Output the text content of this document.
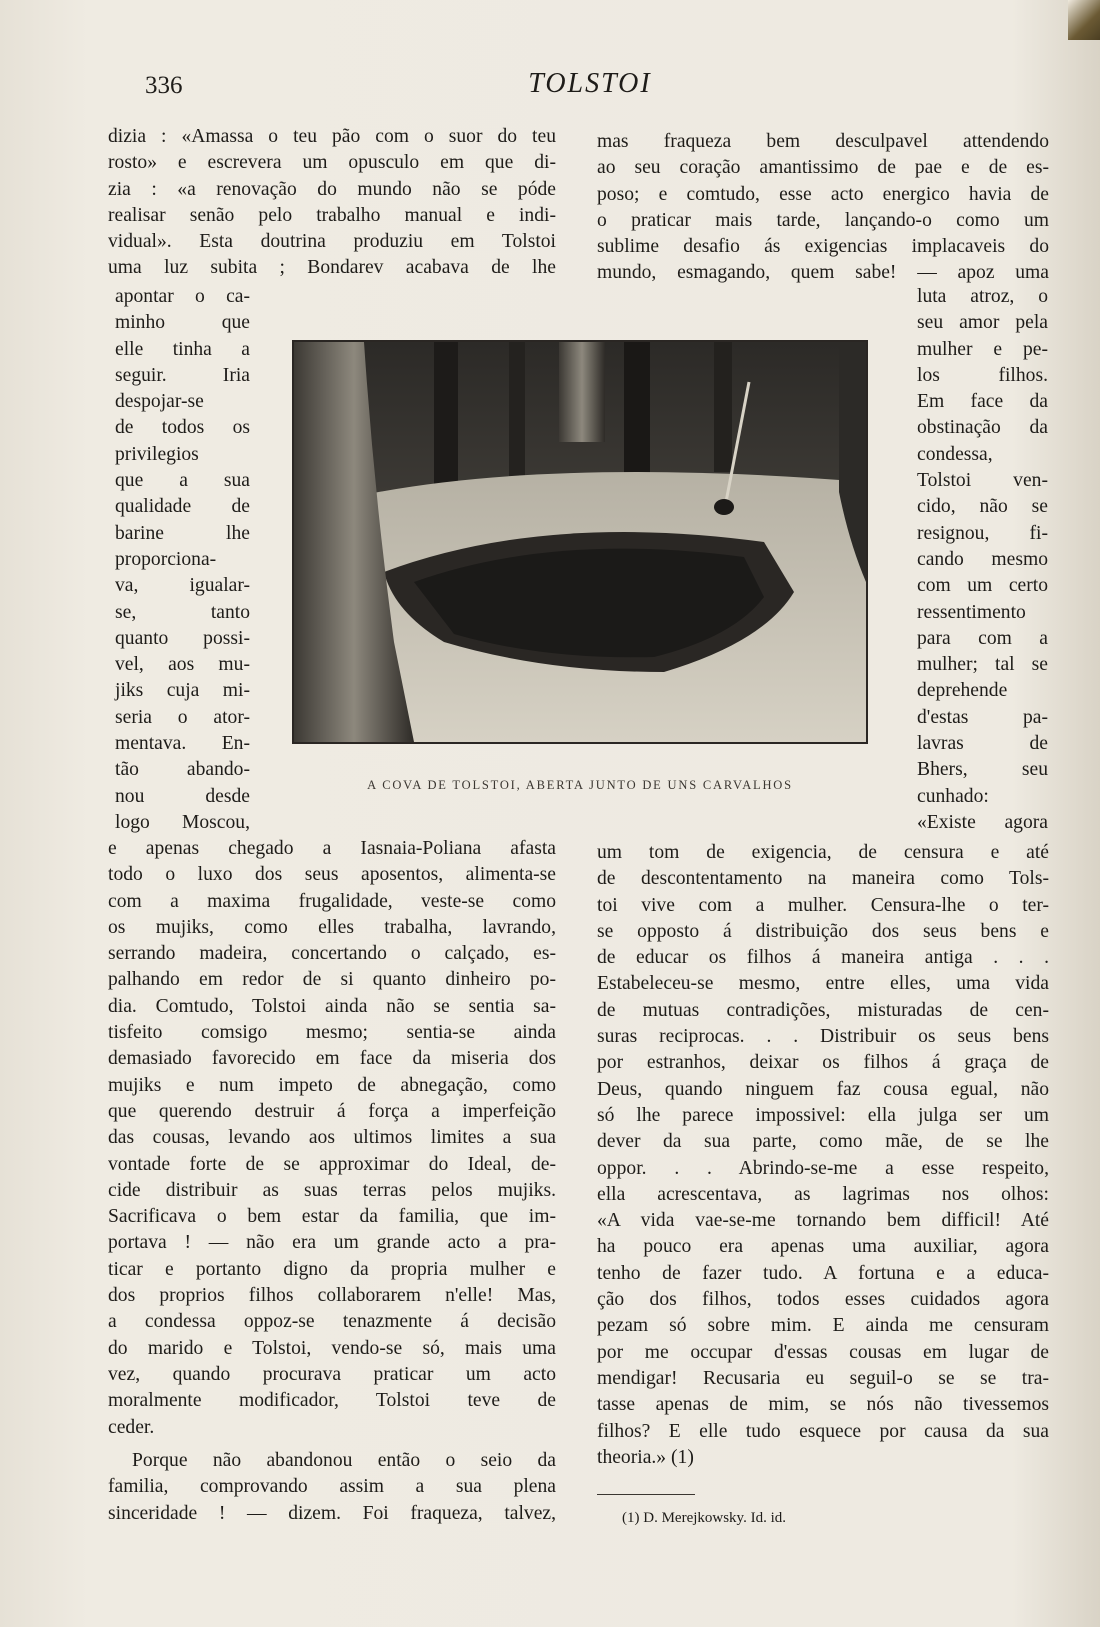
336	TOLSTOI
dizia : «Amassa o teu pão com o suor do teu
rosto» e escrevera um opusculo em que di-
zia : «a renovação do mundo não se póde
realisar senão pelo trabalho manual e indi-
vidual». Esta doutrina produziu em Tolstoi
uma luz subita ; Bondarev acabava de lhe
apontar o ca-
minho que
elle tinha a
seguir. Iria
despojar-se
de todos os
privilegios
que a sua
qualidade de
barine lhe
proporciona-
va, igualar-
se, tanto
quanto possi-
vel, aos mu-
jiks cuja mi-
seria o ator-
mentava. En-
tão abando-
nou desde
logo Moscou,
e apenas chegado a Iasnaia-Poliana afasta
todo o luxo dos seus aposentos, alimenta-se
com a maxima frugalidade, veste-se como
os mujiks, como elles trabalha, lavrando,
serrando madeira, concertando o calçado, es-
palhando em redor de si quanto dinheiro po-
dia. Comtudo, Tolstoi ainda não se sentia sa-
tisfeito comsigo mesmo; sentia-se ainda
demasiado favorecido em face da miseria dos
mujiks e num impeto de abnegação, como
que querendo destruir á força a imperfeição
das cousas, levando aos ultimos limites a sua
vontade forte de se approximar do Ideal, de-
cide distribuir as suas terras pelos mujiks.
Sacrificava o bem estar da familia, que im-
portava ! — não era um grande acto a pra-
ticar e portanto digno da propria mulher e
dos proprios filhos collaborarem n'elle! Mas,
a condessa oppoz-se tenazmente á decisão
do marido e Tolstoi, vendo-se só, mais uma
vez, quando procurava praticar um acto
moralmente modificador, Tolstoi teve de
ceder.
Porque não abandonou então o seio da
familia, comprovando assim a sua plena
sinceridade ! — dizem. Foi fraqueza, talvez,
mas fraqueza bem desculpavel attendendo
ao seu coração amantissimo de pae e de es-
poso; e comtudo, esse acto energico havia de
o praticar mais tarde, lançando-o como um
sublime desafio ás exigencias implacaveis do
mundo, esmagando, quem sabe! — apoz uma
luta atroz, o
seu amor pela
mulher e pe-
los filhos.
Em face da
obstinação da
condessa,
Tolstoi ven-
cido, não se
resignou, fi-
cando mesmo
com um certo
ressentimento
para com a
mulher; tal se
deprehende
d'estas pa-
lavras de
Bhers, seu
cunhado:
«Existe agora
um tom de exigencia, de censura e até
de descontentamento na maneira como Tols-
toi vive com a mulher. Censura-lhe o ter-
se opposto á distribuição dos seus bens e
de educar os filhos á maneira antiga . . .
Estabeleceu-se mesmo, entre elles, uma vida
de mutuas contradições, misturadas de cen-
suras reciprocas. . . Distribuir os seus bens
por estranhos, deixar os filhos á graça de
Deus, quando ninguem faz cousa egual, não
só lhe parece impossivel: ella julga ser um
dever da sua parte, como mãe, de se lhe
oppor. . . Abrindo-se-me a esse respeito,
ella acrescentava, as lagrimas nos olhos:
«A vida vae-se-me tornando bem difficil! Até
ha pouco era apenas uma auxiliar, agora
tenho de fazer tudo. A fortuna e a educa-
ção dos filhos, todos esses cuidados agora
pezam só sobre mim. E ainda me censuram
por me occupar d'essas cousas em lugar de
mendigar! Recusaria eu seguil-o se se tra-
tasse apenas de mim, se nós não tivessemos
filhos? E elle tudo esquece por causa da sua
theoria.» (1)
A COVA DE TOLSTOI, ABERTA JUNTO DE UNS CARVALHOS
(1) D. Merejkowsky. Id. id.
